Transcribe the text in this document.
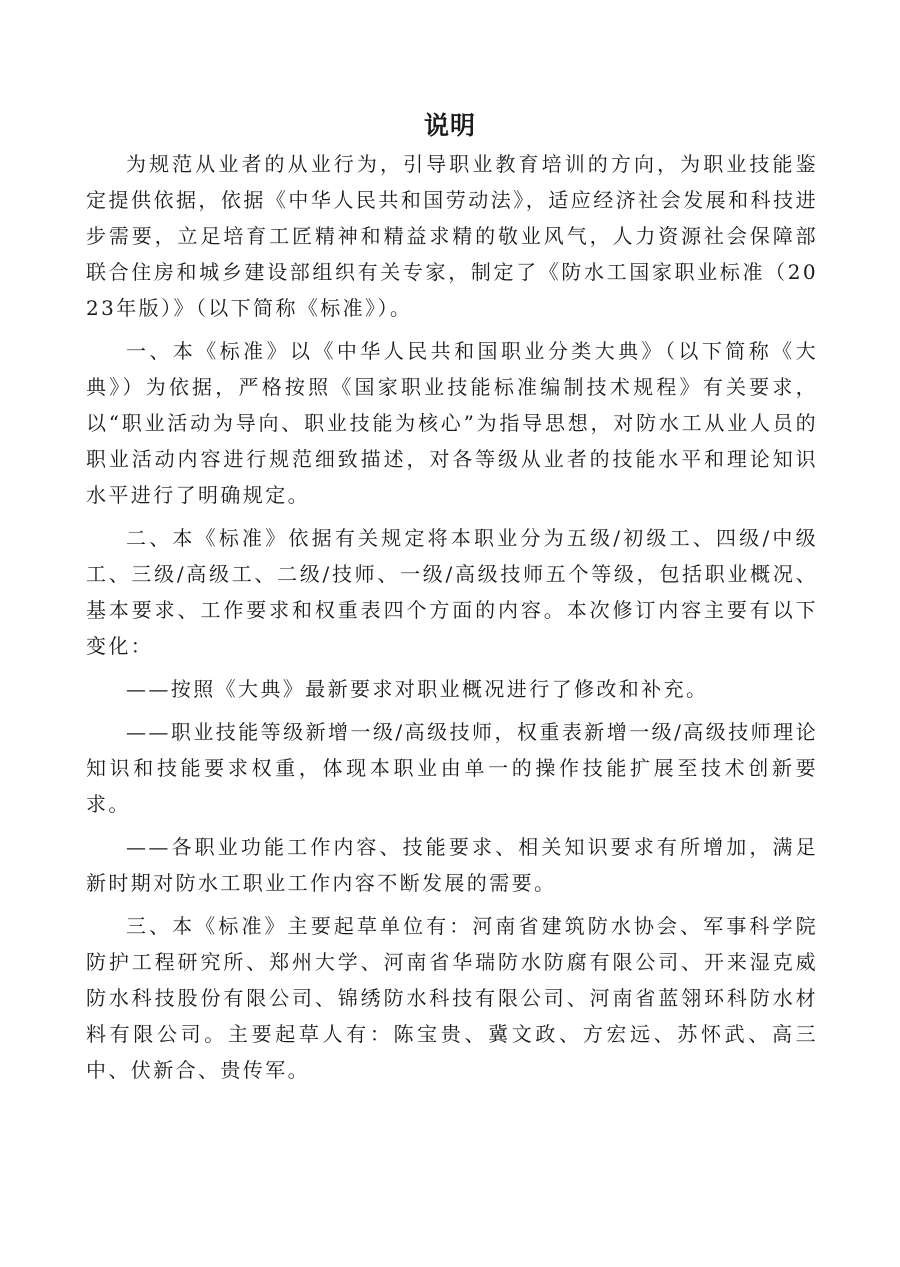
说明

为规范从业者的从业行为，引导职业教育培训的方向，为职业技能鉴定提供依据，依据《中华人民共和国劳动法》，适应经济社会发展和科技进步需要，立足培育工匠精神和精益求精的敬业风气，人力资源社会保障部联合住房和城乡建设部组织有关专家，制定了《防水工国家职业标准（2023年版）》（以下简称《标准》）。

一、本《标准》以《中华人民共和国职业分类大典》（以下简称《大典》）为依据，严格按照《国家职业技能标准编制技术规程》有关要求，以“职业活动为导向、职业技能为核心”为指导思想，对防水工从业人员的职业活动内容进行规范细致描述，对各等级从业者的技能水平和理论知识水平进行了明确规定。

二、本《标准》依据有关规定将本职业分为五级/初级工、四级/中级工、三级/高级工、二级/技师、一级/高级技师五个等级，包括职业概况、基本要求、工作要求和权重表四个方面的内容。本次修订内容主要有以下变化：

——按照《大典》最新要求对职业概况进行了修改和补充。

——职业技能等级新增一级/高级技师，权重表新增一级/高级技师理论知识和技能要求权重，体现本职业由单一的操作技能扩展至技术创新要求。

——各职业功能工作内容、技能要求、相关知识要求有所增加，满足新时期对防水工职业工作内容不断发展的需要。

三、本《标准》主要起草单位有：河南省建筑防水协会、军事科学院防护工程研究所、郑州大学、河南省华瑞防水防腐有限公司、开来湿克威防水科技股份有限公司、锦绣防水科技有限公司、河南省蓝翎环科防水材料有限公司。主要起草人有：陈宝贵、冀文政、方宏远、苏怀武、高三中、伏新合、贵传军。
